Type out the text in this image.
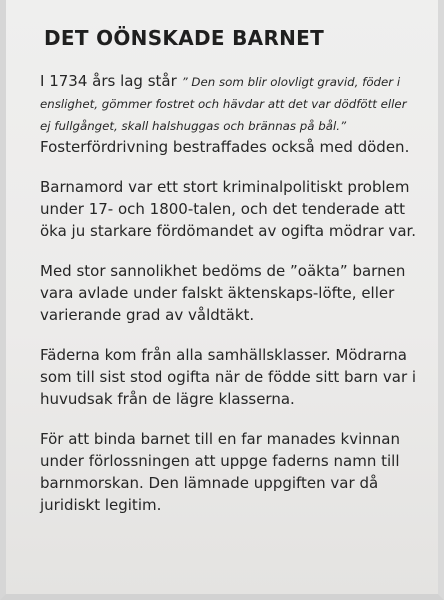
DET OÖNSKADE BARNET

I 1734 års lag står ” Den som blir olovligt gravid, föder i enslighet, gömmer fostret och hävdar att det var dödfött eller ej fullgånget, skall halshuggas och brännas på bål.”

Fosterfördrivning bestraffades också med döden.

Barnamord var ett stort kriminalpolitiskt problem under 17- och 1800-talen, och det tenderade att öka ju starkare fördömandet av ogifta mödrar var.

Med stor sannolikhet bedöms de ”oäkta” barnen vara avlade under falskt äktenskaps-löfte, eller varierande grad av våldtäkt.

Fäderna kom från alla samhällsklasser. Mödrarna som till sist stod ogifta när de födde sitt barn var i huvudsak från de lägre klasserna.

För att binda barnet till en far manades kvinnan under förlossningen att uppge faderns namn till barnmorskan. Den lämnade uppgiften var då juridiskt legitim.
